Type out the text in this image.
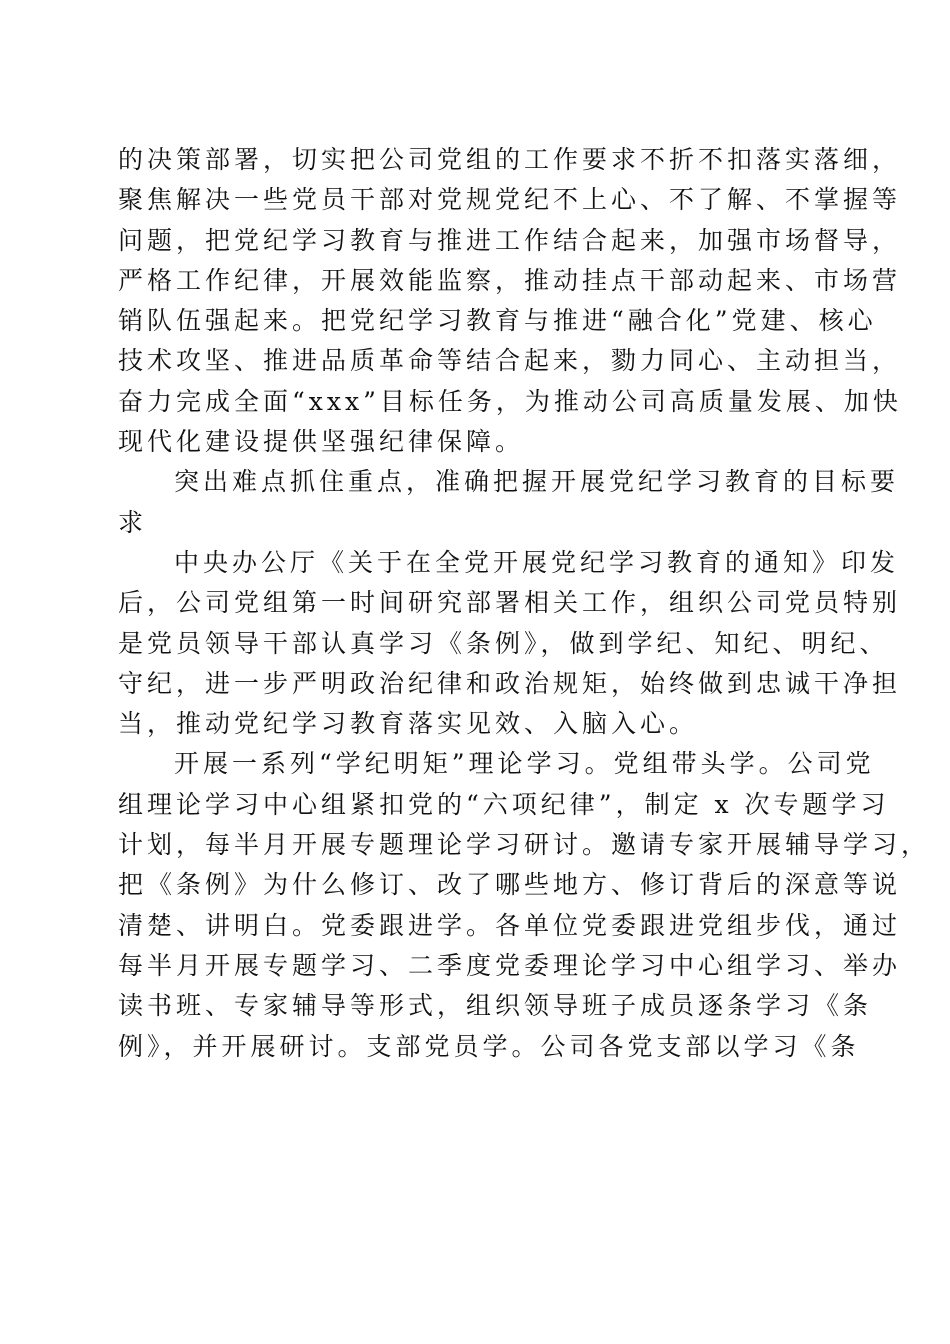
的决策部署，切实把公司党组的工作要求不折不扣落实落细，
聚焦解决一些党员干部对党规党纪不上心、不了解、不掌握等
问题，把党纪学习教育与推进工作结合起来，加强市场督导，
严格工作纪律，开展效能监察，推动挂点干部动起来、市场营
销队伍强起来。把党纪学习教育与推进“融合化”党建、核心
技术攻坚、推进品质革命等结合起来，勠力同心、主动担当，
奋力完成全面“xxx”目标任务，为推动公司高质量发展、加快
现代化建设提供坚强纪律保障。
突出难点抓住重点，准确把握开展党纪学习教育的目标要
求
中央办公厅《关于在全党开展党纪学习教育的通知》印发
后，公司党组第一时间研究部署相关工作，组织公司党员特别
是党员领导干部认真学习《条例》，做到学纪、知纪、明纪、
守纪，进一步严明政治纪律和政治规矩，始终做到忠诚干净担
当，推动党纪学习教育落实见效、入脑入心。
开展一系列“学纪明矩”理论学习。党组带头学。公司党
组理论学习中心组紧扣党的“六项纪律”，制定 x 次专题学习
计划，每半月开展专题理论学习研讨。邀请专家开展辅导学习，
把《条例》为什么修订、改了哪些地方、修订背后的深意等说
清楚、讲明白。党委跟进学。各单位党委跟进党组步伐，通过
每半月开展专题学习、二季度党委理论学习中心组学习、举办
读书班、专家辅导等形式，组织领导班子成员逐条学习《条
例》，并开展研讨。支部党员学。公司各党支部以学习《条
